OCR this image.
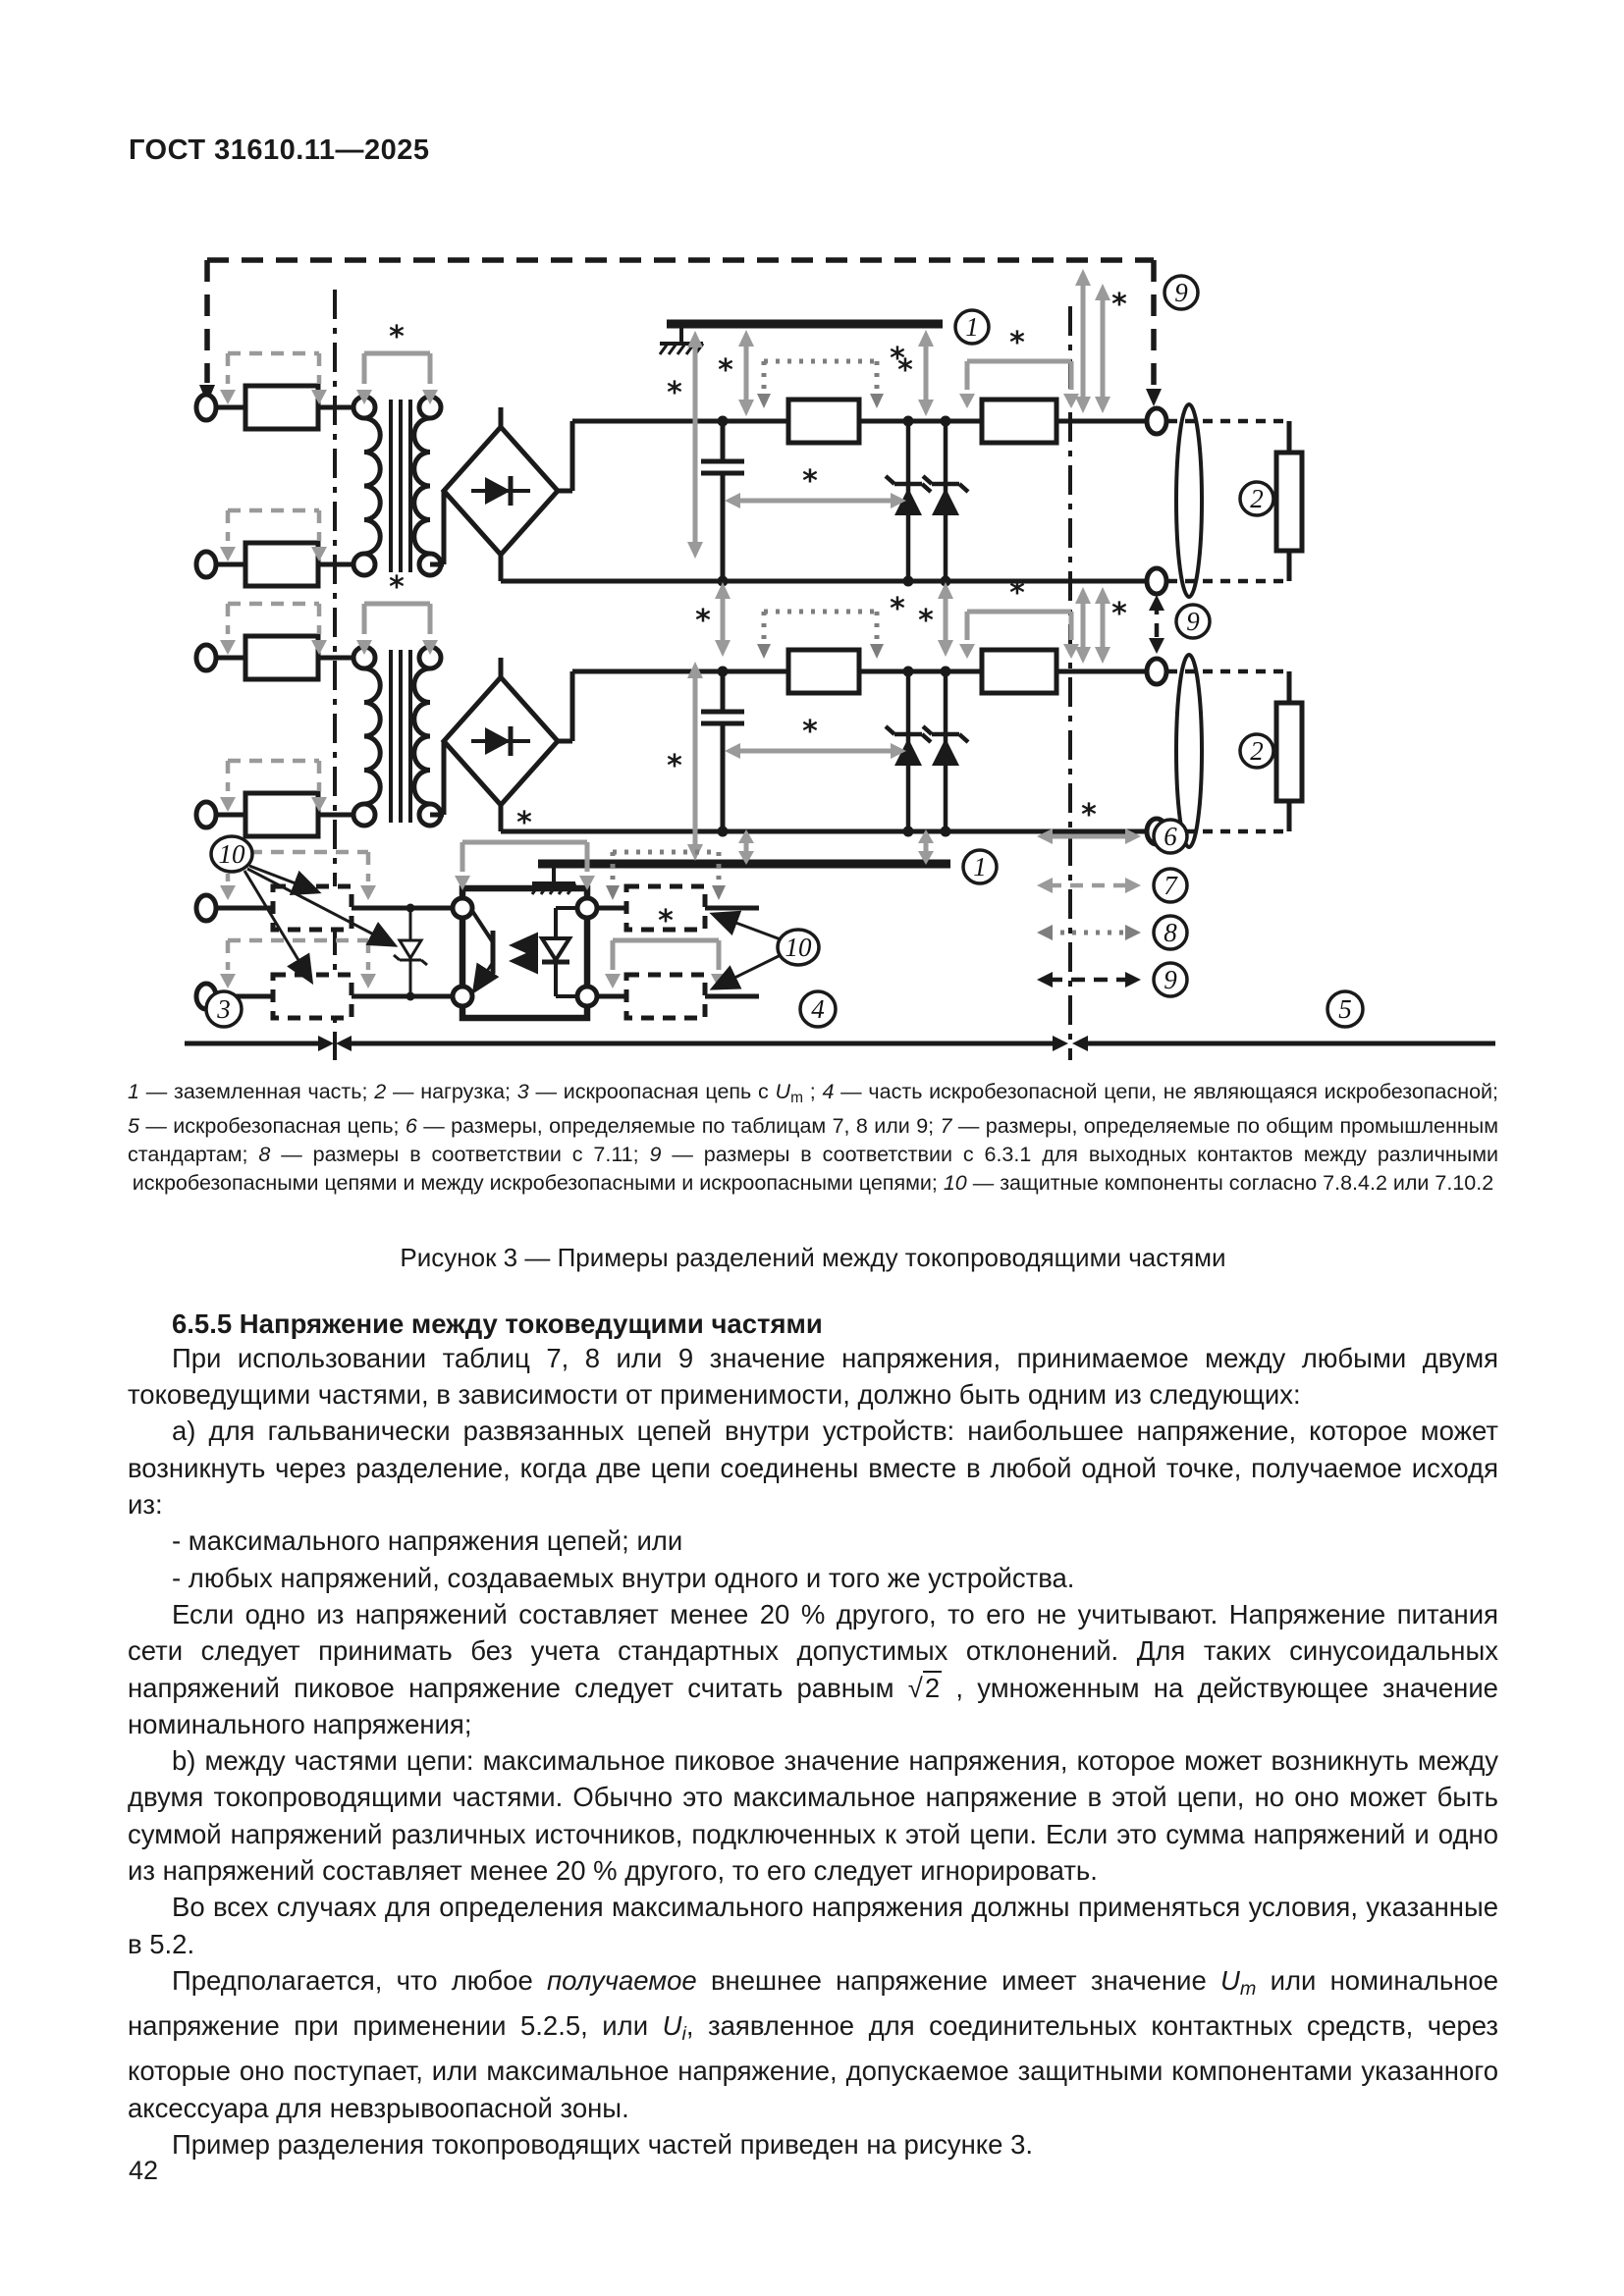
ГОСТ 31610.11—2025
*
*	*
*
1
*
*	*
*
2
9
9
*	*	*
1
*	2
10
*
*
10
*
6
7
8
9
3	4	5

1 — заземленная часть; 2 — нагрузка; 3 — искроопасная цепь с Um ; 4 — часть искробезопасной цепи, не являющаяся искробезопасной; 5 — искробезопасная цепь; 6 — размеры, определяемые по таблицам 7, 8 или 9; 7 — размеры, определяемые по общим промышленным стандартам; 8 — размеры в соответствии с 7.11; 9 — размеры в соответствии с 6.3.1 для выходных контактов между различными искробезопасными цепями и между искробезопасными и искроопасными цепями; 10 — защитные компоненты согласно 7.8.4.2 или 7.10.2

Рисунок 3 — Примеры разделений между токопроводящими частями

6.5.5 Напряжение между токоведущими частями

При использовании таблиц 7, 8 или 9 значение напряжения, принимаемое между любыми двумя токоведущими частями, в зависимости от применимости, должно быть одним из следующих:

a) для гальванически развязанных цепей внутри устройств: наибольшее напряжение, которое может возникнуть через разделение, когда две цепи соединены вместе в любой одной точке, получаемое исходя из:

- максимального напряжения цепей; или

- любых напряжений, создаваемых внутри одного и того же устройства.

Если одно из напряжений составляет менее 20 % другого, то его не учитывают. Напряжение питания сети следует принимать без учета стандартных допустимых отклонений. Для таких синусоидальных напряжений пиковое напряжение следует считать равным √2 , умноженным на действующее значение номинального напряжения;

b) между частями цепи: максимальное пиковое значение напряжения, которое может возникнуть между двумя токопроводящими частями. Обычно это максимальное напряжение в этой цепи, но оно может быть суммой напряжений различных источников, подключенных к этой цепи. Если это сумма напряжений и одно из напряжений составляет менее 20 % другого, то его следует игнорировать.

Во всех случаях для определения максимального напряжения должны применяться условия, указанные в 5.2.

Предполагается, что любое получаемое внешнее напряжение имеет значение Um или номинальное напряжение при применении 5.2.5, или Ui, заявленное для соединительных контактных средств, через которые оно поступает, или максимальное напряжение, допускаемое защитными компонентами указанного аксессуара для невзрывоопасной зоны.

Пример разделения токопроводящих частей приведен на рисунке 3.

42
